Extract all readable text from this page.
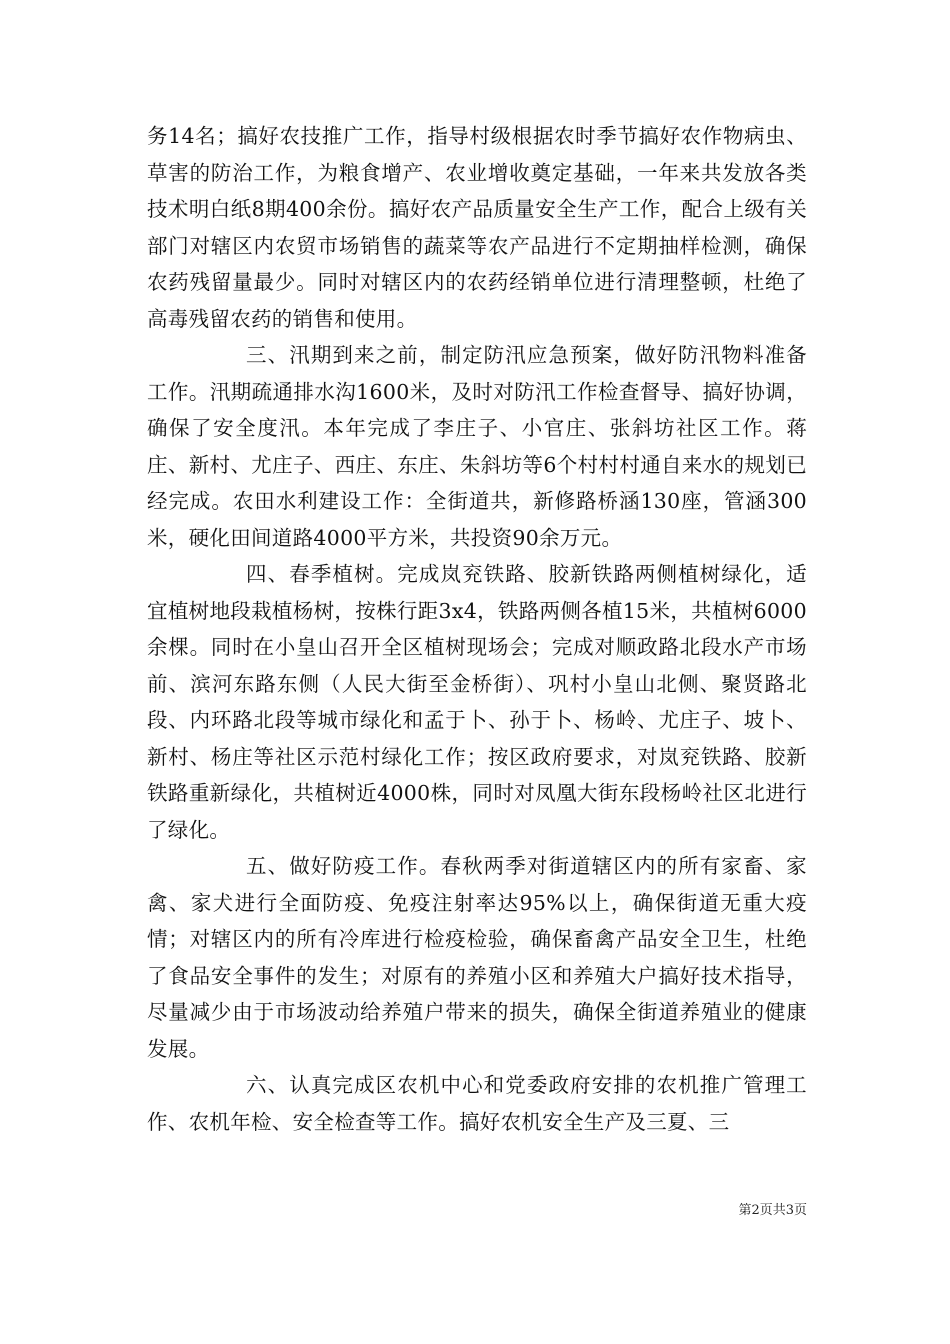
务14名；搞好农技推广工作，指导村级根据农时季节搞好农作物病虫、草害的防治工作，为粮食增产、农业增收奠定基础，一年来共发放各类技术明白纸8期400余份。搞好农产品质量安全生产工作，配合上级有关部门对辖区内农贸市场销售的蔬菜等农产品进行不定期抽样检测，确保农药残留量最少。同时对辖区内的农药经销单位进行清理整顿，杜绝了高毒残留农药的销售和使用。

三、汛期到来之前，制定防汛应急预案，做好防汛物料准备工作。汛期疏通排水沟1600米，及时对防汛工作检查督导、搞好协调，确保了安全度汛。本年完成了李庄子、小官庄、张斜坊社区工作。蒋庄、新村、尤庄子、西庄、东庄、朱斜坊等6个村村村通自来水的规划已经完成。农田水利建设工作：全街道共，新修路桥涵130座，管涵300米，硬化田间道路4000平方米，共投资90余万元。

四、春季植树。完成岚兖铁路、胶新铁路两侧植树绿化，适宜植树地段栽植杨树，按株行距3x4，铁路两侧各植15米，共植树6000余棵。同时在小皇山召开全区植树现场会；完成对顺政路北段水产市场前、滨河东路东侧（人民大街至金桥街）、巩村小皇山北侧、聚贤路北段、内环路北段等城市绿化和孟于卜、孙于卜、杨岭、尤庄子、坡卜、新村、杨庄等社区示范村绿化工作；按区政府要求，对岚兖铁路、胶新铁路重新绿化，共植树近4000株，同时对凤凰大街东段杨岭社区北进行了绿化。

五、做好防疫工作。春秋两季对街道辖区内的所有家畜、家禽、家犬进行全面防疫、免疫注射率达95%以上，确保街道无重大疫情；对辖区内的所有冷库进行检疫检验，确保畜禽产品安全卫生，杜绝了食品安全事件的发生；对原有的养殖小区和养殖大户搞好技术指导，尽量减少由于市场波动给养殖户带来的损失，确保全街道养殖业的健康发展。

六、认真完成区农机中心和党委政府安排的农机推广管理工作、农机年检、安全检查等工作。搞好农机安全生产及三夏、三

第2页共3页
